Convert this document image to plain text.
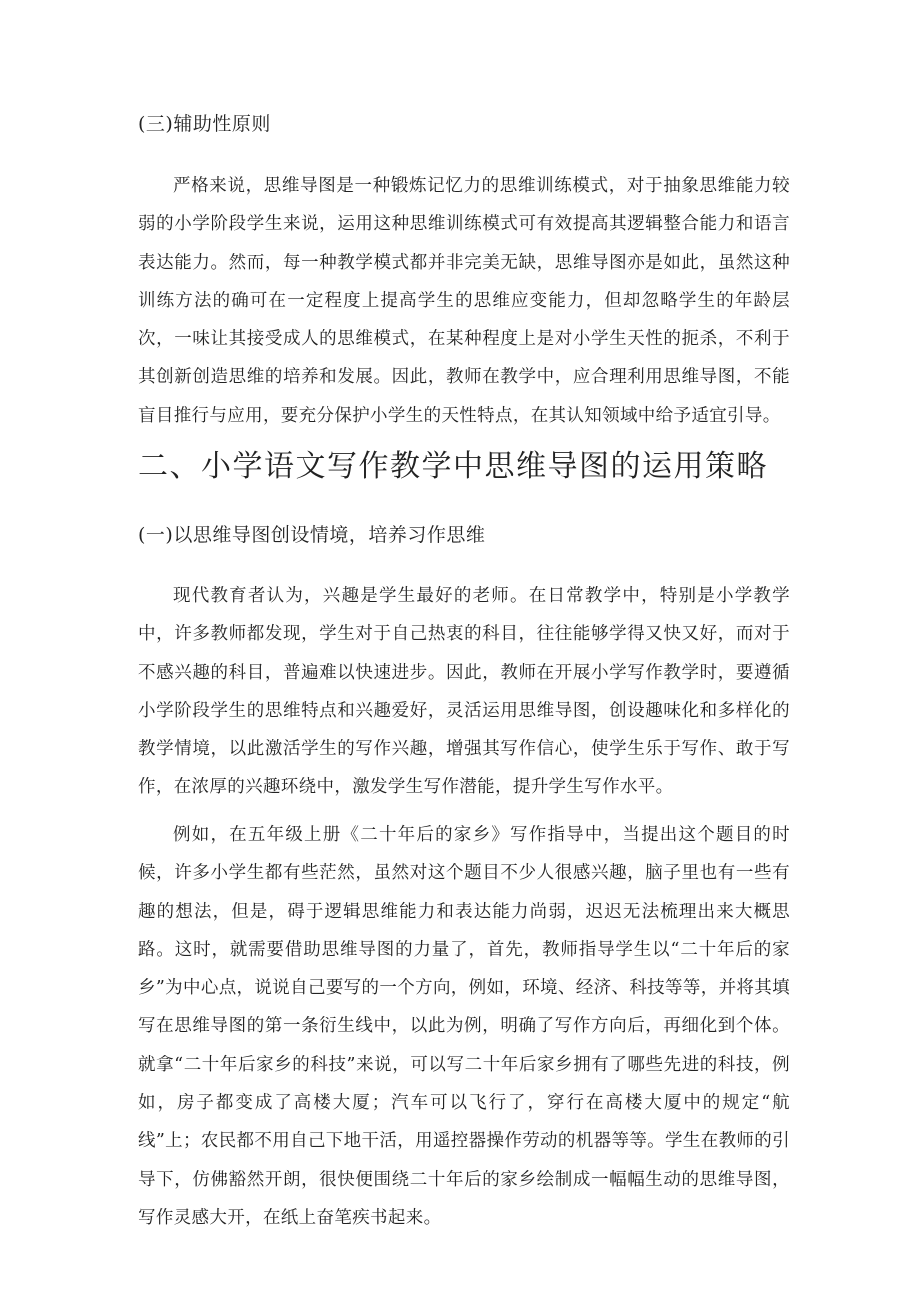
(三)辅助性原则

严格来说，思维导图是一种锻炼记忆力的思维训练模式，对于抽象思维能力较弱的小学阶段学生来说，运用这种思维训练模式可有效提高其逻辑整合能力和语言表达能力。然而，每一种教学模式都并非完美无缺，思维导图亦是如此，虽然这种训练方法的确可在一定程度上提高学生的思维应变能力，但却忽略学生的年龄层次，一味让其接受成人的思维模式，在某种程度上是对小学生天性的扼杀，不利于其创新创造思维的培养和发展。因此，教师在教学中，应合理利用思维导图，不能盲目推行与应用，要充分保护小学生的天性特点，在其认知领域中给予适宜引导。

二、小学语文写作教学中思维导图的运用策略
(一)以思维导图创设情境，培养习作思维

现代教育者认为，兴趣是学生最好的老师。在日常教学中，特别是小学教学中，许多教师都发现，学生对于自己热衷的科目，往往能够学得又快又好，而对于不感兴趣的科目，普遍难以快速进步。因此，教师在开展小学写作教学时，要遵循小学阶段学生的思维特点和兴趣爱好，灵活运用思维导图，创设趣味化和多样化的教学情境，以此激活学生的写作兴趣，增强其写作信心，使学生乐于写作、敢于写作，在浓厚的兴趣环绕中，激发学生写作潜能，提升学生写作水平。

例如，在五年级上册《二十年后的家乡》写作指导中，当提出这个题目的时候，许多小学生都有些茫然，虽然对这个题目不少人很感兴趣，脑子里也有一些有趣的想法，但是，碍于逻辑思维能力和表达能力尚弱，迟迟无法梳理出来大概思路。这时，就需要借助思维导图的力量了，首先，教师指导学生以“二十年后的家乡”为中心点，说说自己要写的一个方向，例如，环境、经济、科技等等，并将其填写在思维导图的第一条衍生线中，以此为例，明确了写作方向后，再细化到个体。就拿“二十年后家乡的科技”来说，可以写二十年后家乡拥有了哪些先进的科技，例如，房子都变成了高楼大厦；汽车可以飞行了，穿行在高楼大厦中的规定“航线”上；农民都不用自己下地干活，用遥控器操作劳动的机器等等。学生在教师的引导下，仿佛豁然开朗，很快便围绕二十年后的家乡绘制成一幅幅生动的思维导图，写作灵感大开，在纸上奋笔疾书起来。
